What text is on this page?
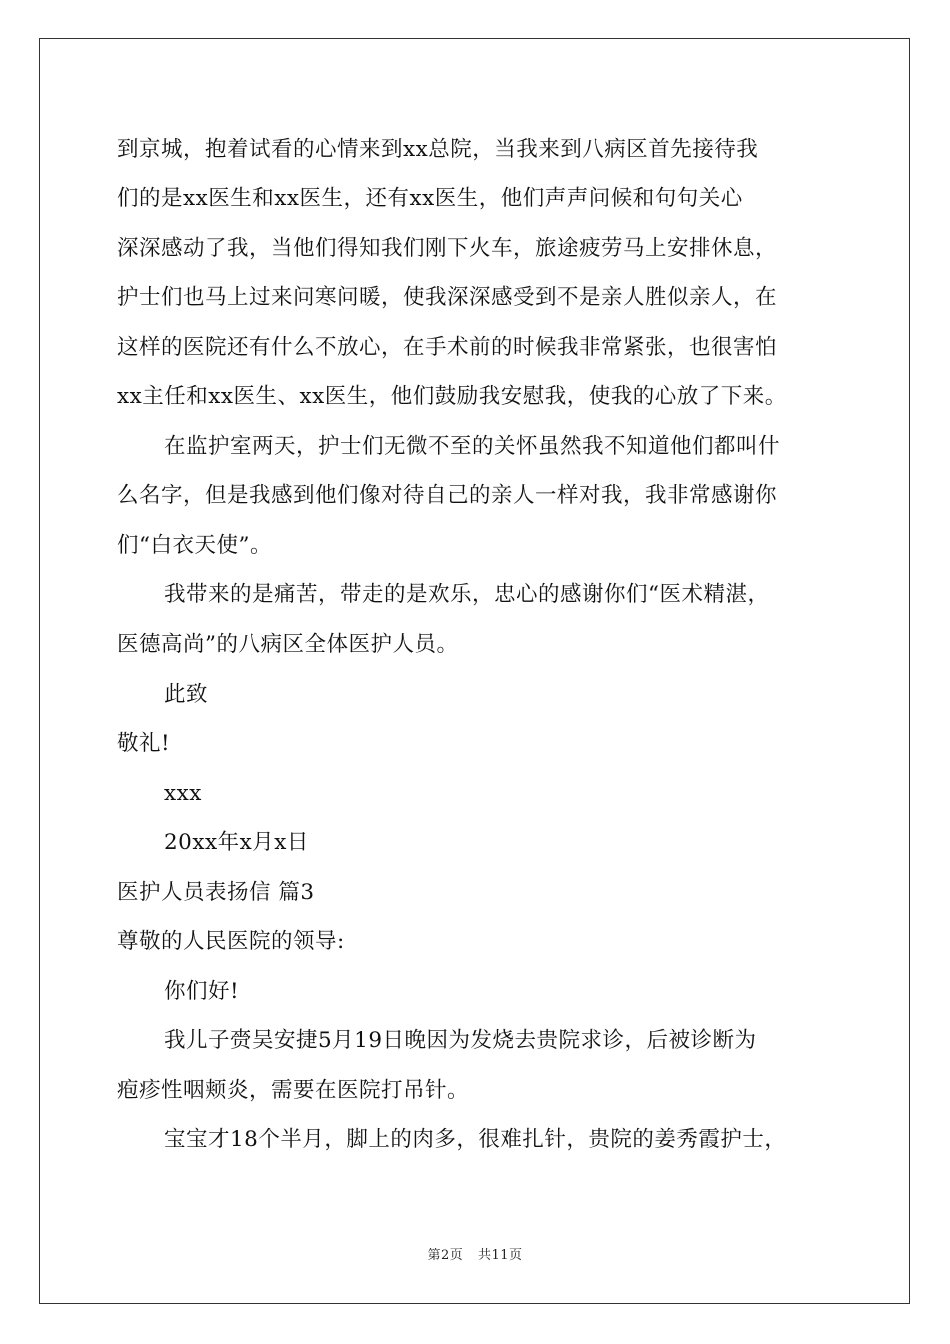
到京城，抱着试看的心情来到xx总院，当我来到八病区首先接待我
们的是xx医生和xx医生，还有xx医生，他们声声问候和句句关心
深深感动了我，当他们得知我们刚下火车，旅途疲劳马上安排休息，
护士们也马上过来问寒问暖，使我深深感受到不是亲人胜似亲人，在
这样的医院还有什么不放心，在手术前的时候我非常紧张，也很害怕
xx主任和xx医生、xx医生，他们鼓励我安慰我，使我的心放了下来。
在监护室两天，护士们无微不至的关怀虽然我不知道他们都叫什
么名字，但是我感到他们像对待自己的亲人一样对我，我非常感谢你
们“白衣天使”。
我带来的是痛苦，带走的是欢乐，忠心的感谢你们“医术精湛，
医德高尚”的八病区全体医护人员。
此致
敬礼!
xxx
20xx年x月x日
医护人员表扬信 篇3
尊敬的人民医院的领导:
你们好!
我儿子赍吴安捷5月19日晚因为发烧去贵院求诊，后被诊断为
疱疹性咽颊炎，需要在医院打吊针。
宝宝才18个半月，脚上的肉多，很难扎针，贵院的姜秀霞护士，
第2页 共11页
